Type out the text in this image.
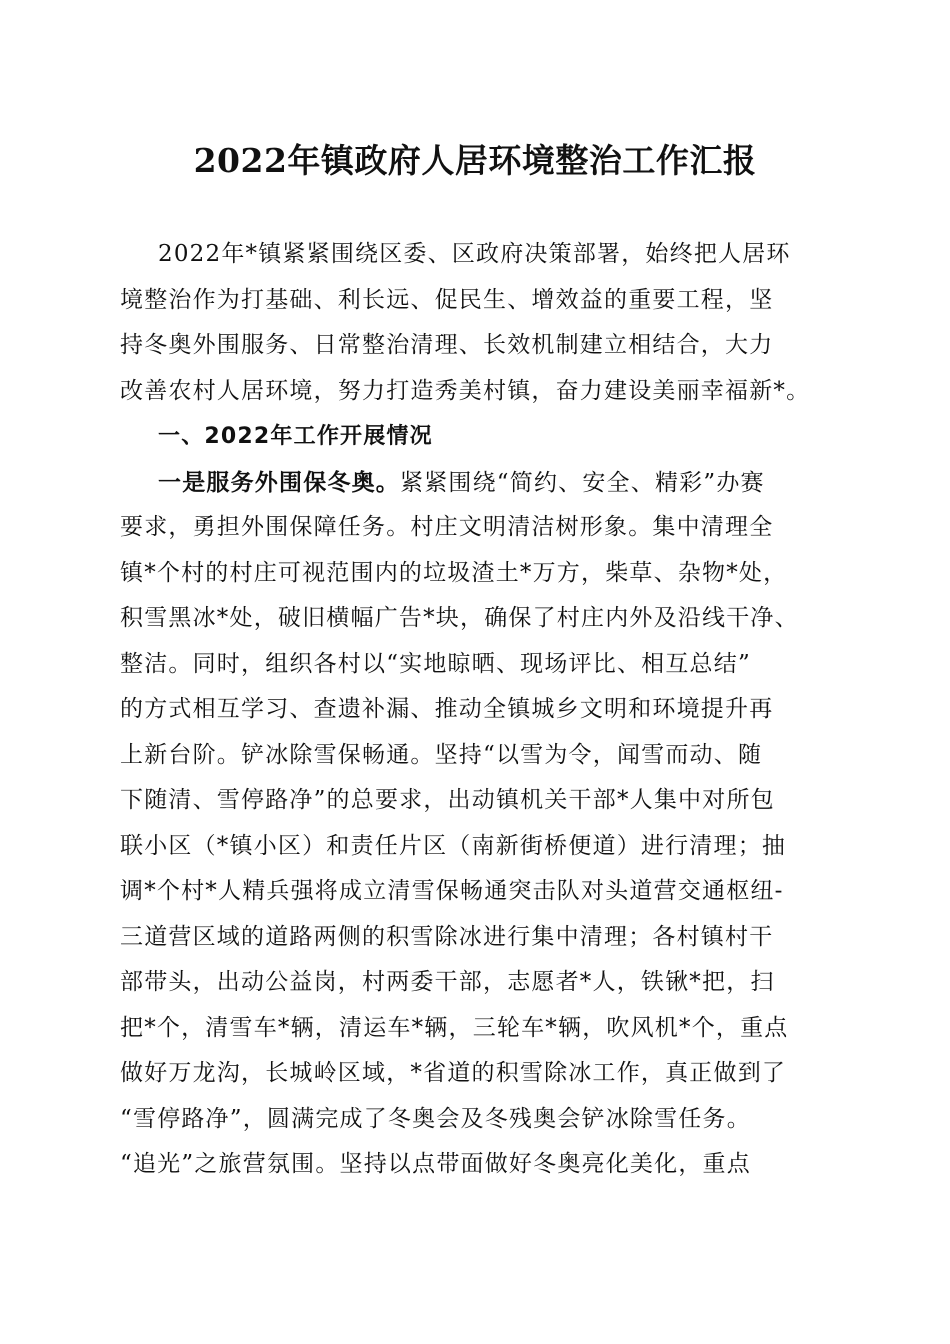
2022年镇政府人居环境整治工作汇报
2022年*镇紧紧围绕区委、区政府决策部署，始终把人居环
境整治作为打基础、利长远、促民生、增效益的重要工程，坚
持冬奥外围服务、日常整治清理、长效机制建立相结合，大力
改善农村人居环境，努力打造秀美村镇，奋力建设美丽幸福新*。
一、2022年工作开展情况
一是服务外围保冬奥。紧紧围绕“简约、安全、精彩”办赛
要求，勇担外围保障任务。村庄文明清洁树形象。集中清理全
镇*个村的村庄可视范围内的垃圾渣土*万方，柴草、杂物*处，
积雪黑冰*处，破旧横幅广告*块，确保了村庄内外及沿线干净、
整洁。同时，组织各村以“实地晾晒、现场评比、相互总结”
的方式相互学习、查遗补漏、推动全镇城乡文明和环境提升再
上新台阶。铲冰除雪保畅通。坚持“以雪为令，闻雪而动、随
下随清、雪停路净”的总要求，出动镇机关干部*人集中对所包
联小区（*镇小区）和责任片区（南新街桥便道）进行清理；抽
调*个村*人精兵强将成立清雪保畅通突击队对头道营交通枢纽-
三道营区域的道路两侧的积雪除冰进行集中清理；各村镇村干
部带头，出动公益岗，村两委干部，志愿者*人，铁锹*把，扫
把*个，清雪车*辆，清运车*辆，三轮车*辆，吹风机*个，重点
做好万龙沟，长城岭区域，*省道的积雪除冰工作，真正做到了
“雪停路净”，圆满完成了冬奥会及冬残奥会铲冰除雪任务。
“追光”之旅营氛围。坚持以点带面做好冬奥亮化美化，重点
